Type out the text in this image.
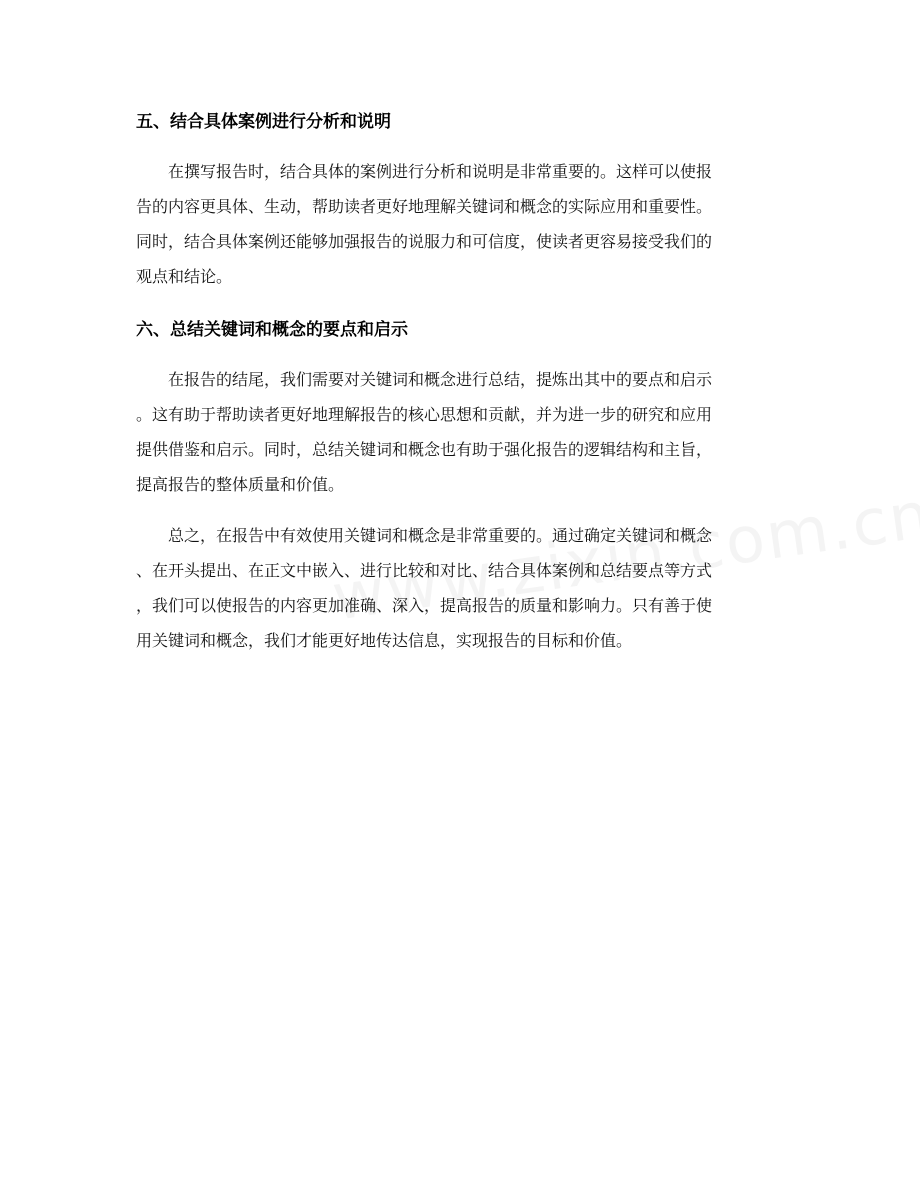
五、结合具体案例进行分析和说明
　　在撰写报告时，结合具体的案例进行分析和说明是非常重要的。这样可以使报
告的内容更具体、生动，帮助读者更好地理解关键词和概念的实际应用和重要性。
同时，结合具体案例还能够加强报告的说服力和可信度，使读者更容易接受我们的
观点和结论。
六、总结关键词和概念的要点和启示
　　在报告的结尾，我们需要对关键词和概念进行总结，提炼出其中的要点和启示
。这有助于帮助读者更好地理解报告的核心思想和贡献，并为进一步的研究和应用
提供借鉴和启示。同时，总结关键词和概念也有助于强化报告的逻辑结构和主旨，
提高报告的整体质量和价值。
　　总之，在报告中有效使用关键词和概念是非常重要的。通过确定关键词和概念
、在开头提出、在正文中嵌入、进行比较和对比、结合具体案例和总结要点等方式
，我们可以使报告的内容更加准确、深入，提高报告的质量和影响力。只有善于使
用关键词和概念，我们才能更好地传达信息，实现报告的目标和价值。
